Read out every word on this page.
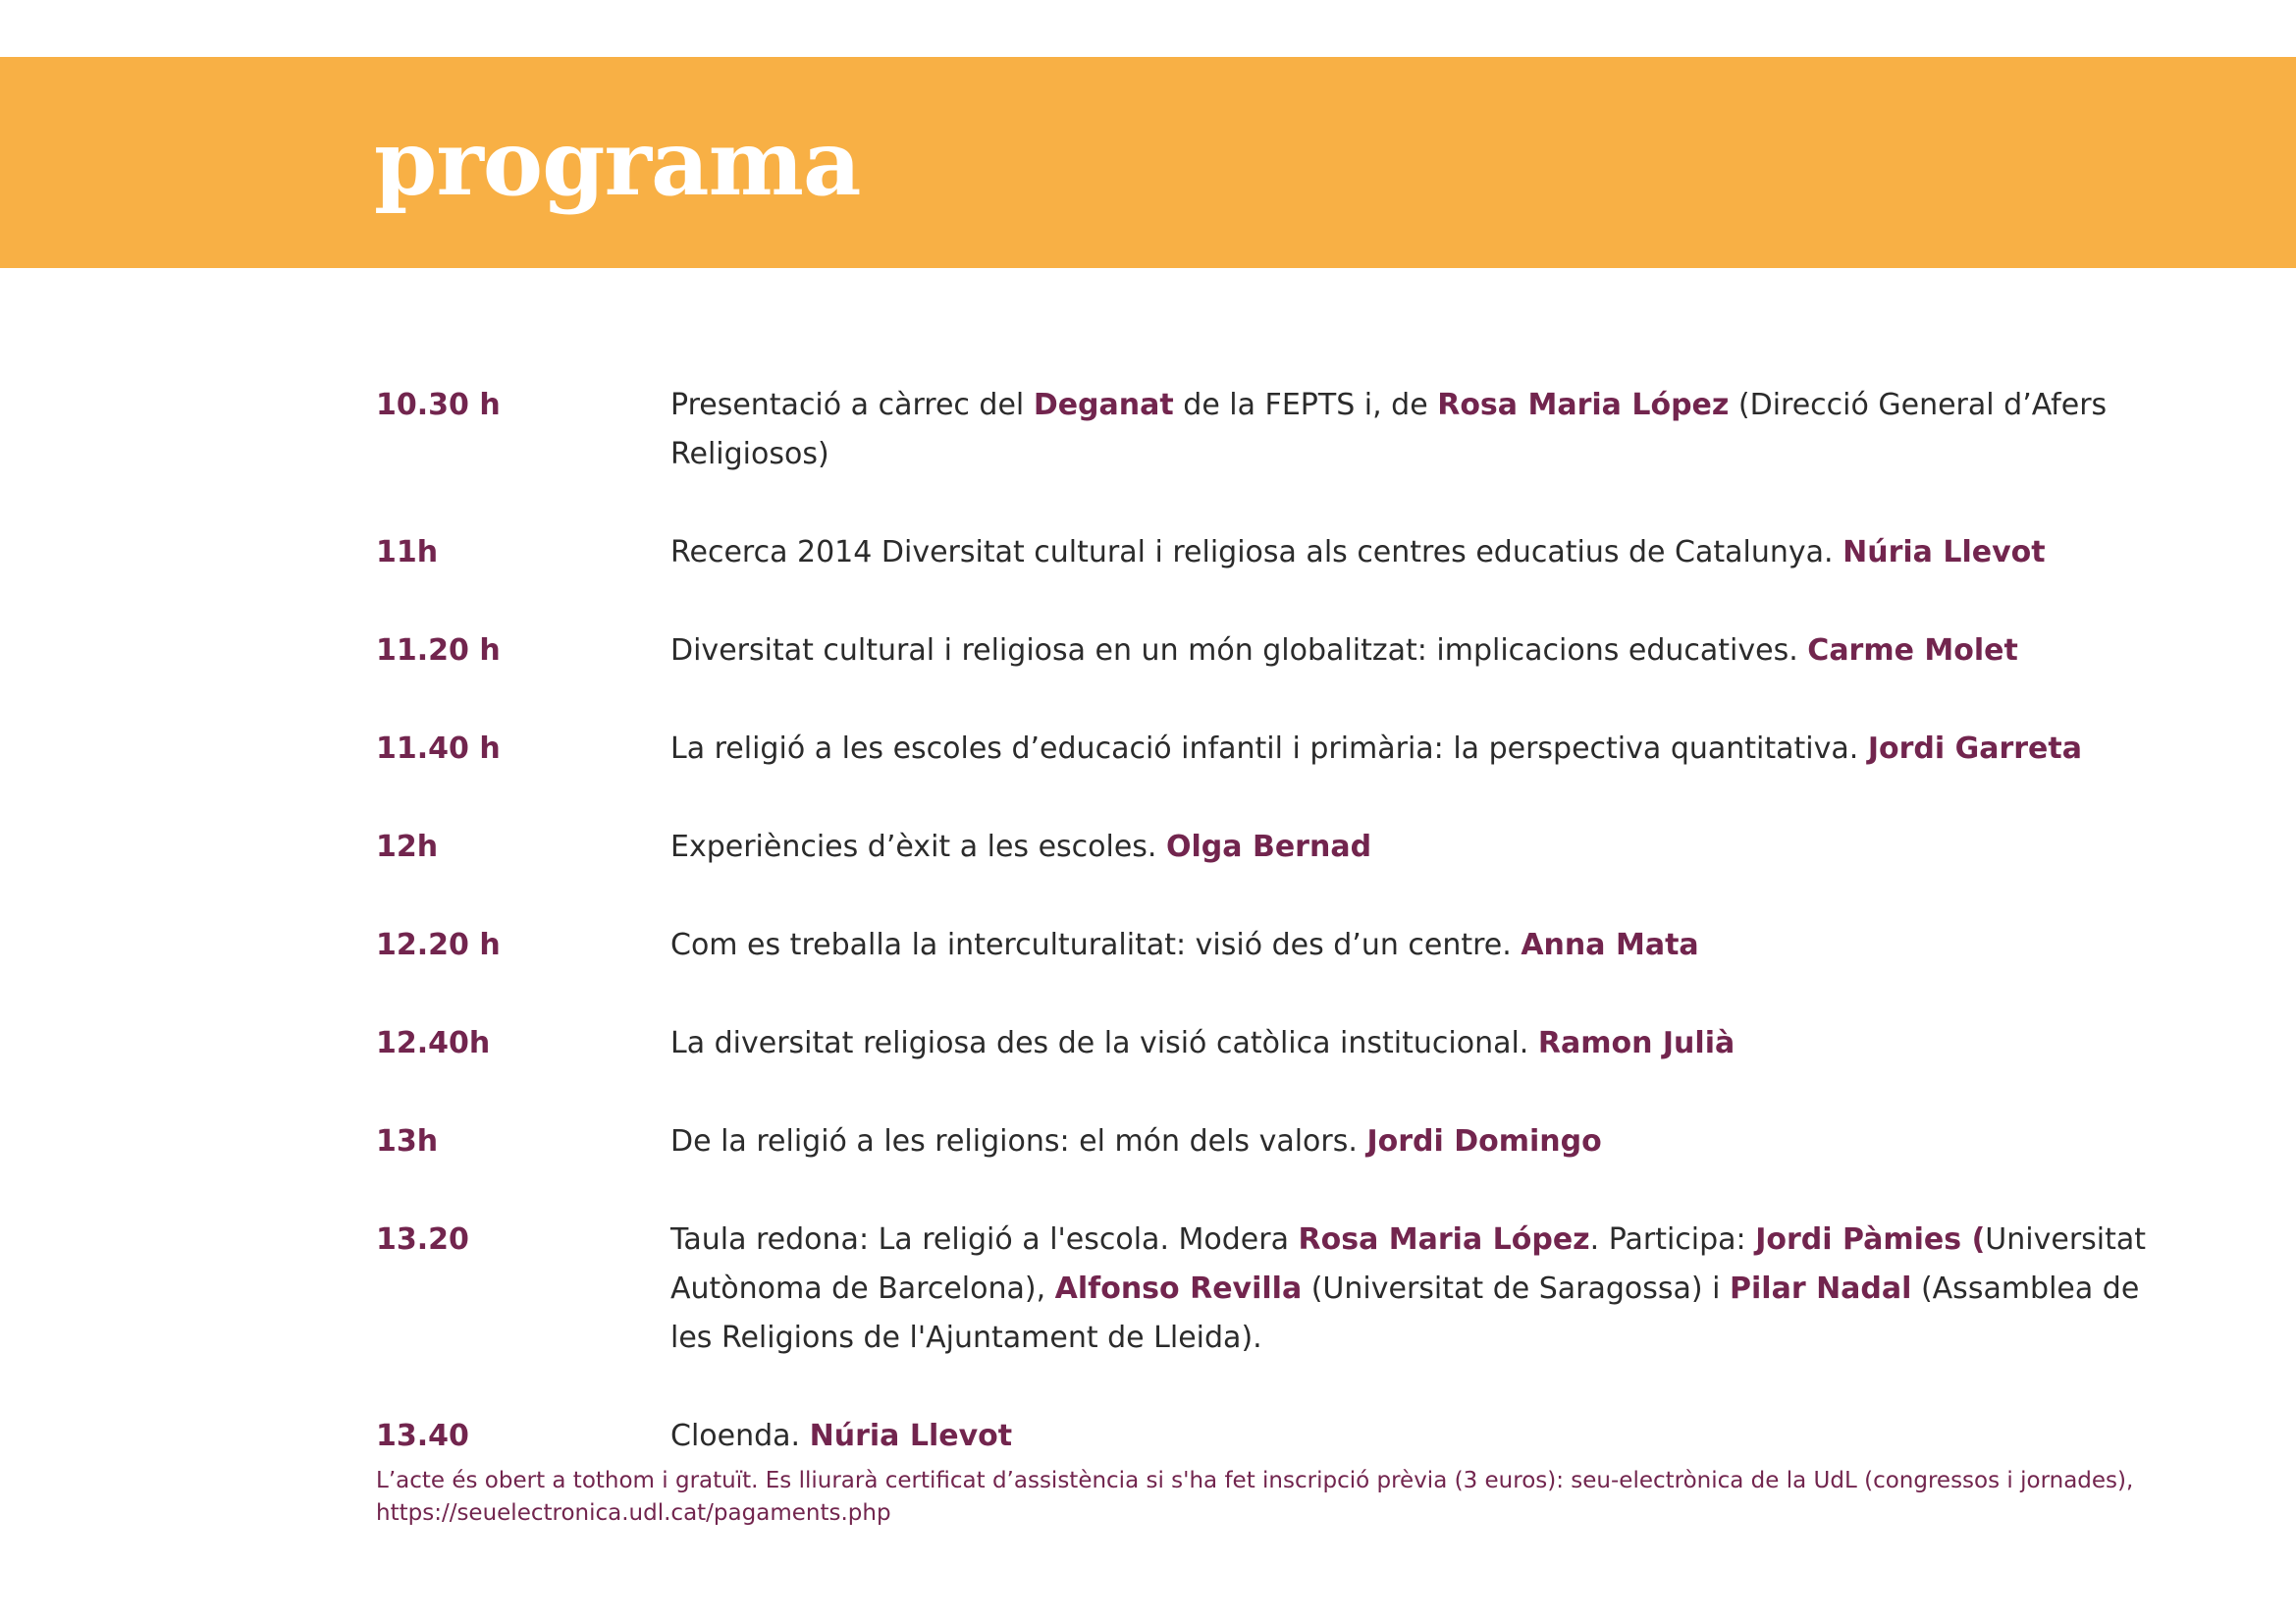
programa
10.30 h	Presentació a càrrec del Deganat de la FEPTS i, de Rosa Maria López (Direcció General d’Afers Religiosos)
11h	Recerca 2014 Diversitat cultural i religiosa als centres educatius de Catalunya. Núria Llevot
11.20 h	Diversitat cultural i religiosa en un món globalitzat: implicacions educatives. Carme Molet
11.40 h	La religió a les escoles d’educació infantil i primària: la perspectiva quantitativa. Jordi Garreta
12h	Experiències d’èxit a les escoles. Olga Bernad
12.20 h	Com es treballa la interculturalitat: visió des d’un centre. Anna Mata
12.40h	La diversitat religiosa des de la visió catòlica institucional. Ramon Julià
13h	De la religió a les religions: el món dels valors. Jordi Domingo
13.20	Taula redona: La religió a l'escola. Modera Rosa Maria López. Participa: Jordi Pàmies (Universitat Autònoma de Barcelona), Alfonso Revilla (Universitat de Saragossa) i Pilar Nadal (Assamblea de les Religions de l'Ajuntament de Lleida).
13.40	Cloenda. Núria Llevot
L’acte és obert a tothom i gratuït. Es lliurarà certificat d’assistència si s'ha fet inscripció prèvia (3 euros): seu-electrònica de la UdL (congressos i jornades),
https://seuelectronica.udl.cat/pagaments.php
